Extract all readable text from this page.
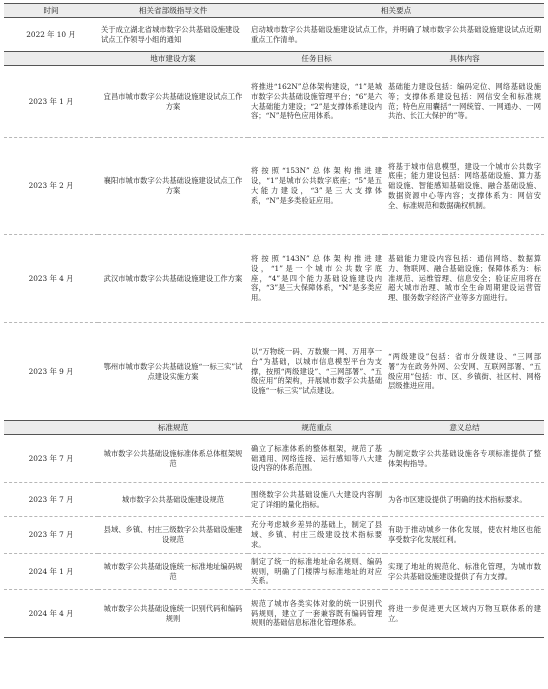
时间	相关省部级指导文件	相关要点	
2022 年 10 月	关于成立湖北省城市数字公共基础设施建设试点工作领导小组的通知	启动城市数字公共基础设施建设试点工作，并明确了城市数字公共基础设施建设试点近期重点工作清单。	
	地市建设方案	任务目标	具体内容
2023 年 1 月	宜昌市城市数字公共基础设施建设试点工作方案	将推进“162N”总体架构建设，“1”是城市数字公共基础设施管理平台；“6”是六大基础能力建设；“2”是支撑体系建设内容；“N”是特色应用体系。	基础能力建设包括：编码定位、网络基础设施等；支撑体系建设包括：网信安全和标准规范；特色应用囊括“一网统管、一网通办、一网共治、长江大保护的”等。
2023 年 2 月	襄阳市城市数字公共基础设施建设试点工作方案	将按照“153N”总体架构推进建设，“1”是城市公共数字底座；“5”是五大能力建设，“3”是三大支撑体系，“N”是多类验证应用。	将基于城市信息模型，建设一个城市公共数字底座；能力建设包括：网络基础设施、算力基础设施、智能感知基础设施、融合基础设施、数据资源中心等内容；支撑体系为：网信安全、标准规范和数据确权机制。
2023 年 4 月	武汉市城市数字公共基础设施建设工作方案	将按照“143N”总体架构推进建设，“1”是一个城市公共数字底座，“4”是四个能力基础设施建设内容，“3”是三大保障体系，“N”是多类应用。	基础能力建设内容包括：通信网络、数据算力、物联网、融合基础设施；保障体系为：标准规范、运维管理、信息安全；验证应用将在超大城市治理、城市全生命周期建设运营管理、服务数字经济产业等多方面进行。
2023 年 9 月	鄂州市城市数字公共基础设施“一标三实”试点建设实施方案	以“万物统一码、万数聚一网、万用享一台”为基础，以城市信息模型平台为支撑，按照“两级建设”、“三网部署”、“五级应用”的架构，开展城市数字公共基础设施“一标三实”试点建设。	“两级建设”包括：省市分级建设、“三网部署”为在政务外网、公安网、互联网部署、“五级应用”包括：市、区、乡镇街、社区村、网格层级推进应用。
	标准规范	规范重点	意义总结
2023 年 7 月	城市数字公共基础设施标准体系总体框架规范	确立了标准体系的整体框架，规范了基础通用、网络连接、运行感知等八大建设内容的体系范围。	为制定数字公共基础设施各专项标准提供了整体架构指导。
2023 年 7 月	城市数字公共基础设施建设规范	围绕数字公共基础设施八大建设内容制定了详细的量化指标。	为各市区建设提供了明确的技术指标要求。
2023 年 7 月	县域、乡镇、村庄三级数字公共基础设施建设规范	充分考虑城乡差异的基础上，制定了县域、乡镇、村庄三级建设技术指标要求。	有助于推动城乡一体化发展，使农村地区也能享受数字化发展红利。
2024 年 1 月	城市数字公共基础设施统一标准地址编码规范	制定了统一的标准地址命名规则、编码规则，明确了门楼牌与标准地址的对应关系。	实现了地址的规范化、标准化管理，为城市数字公共基础设施建设提供了有力支撑。
2024 年 4 月	城市数字公共基础设施统一识别代码和编码规则	规范了城市各类实体对象的统一识别代码规则，建立了一套兼容既有编码管理规则的基础信息标准化管理体系。	将进一步促进更大区域内万物互联体系的建立。
